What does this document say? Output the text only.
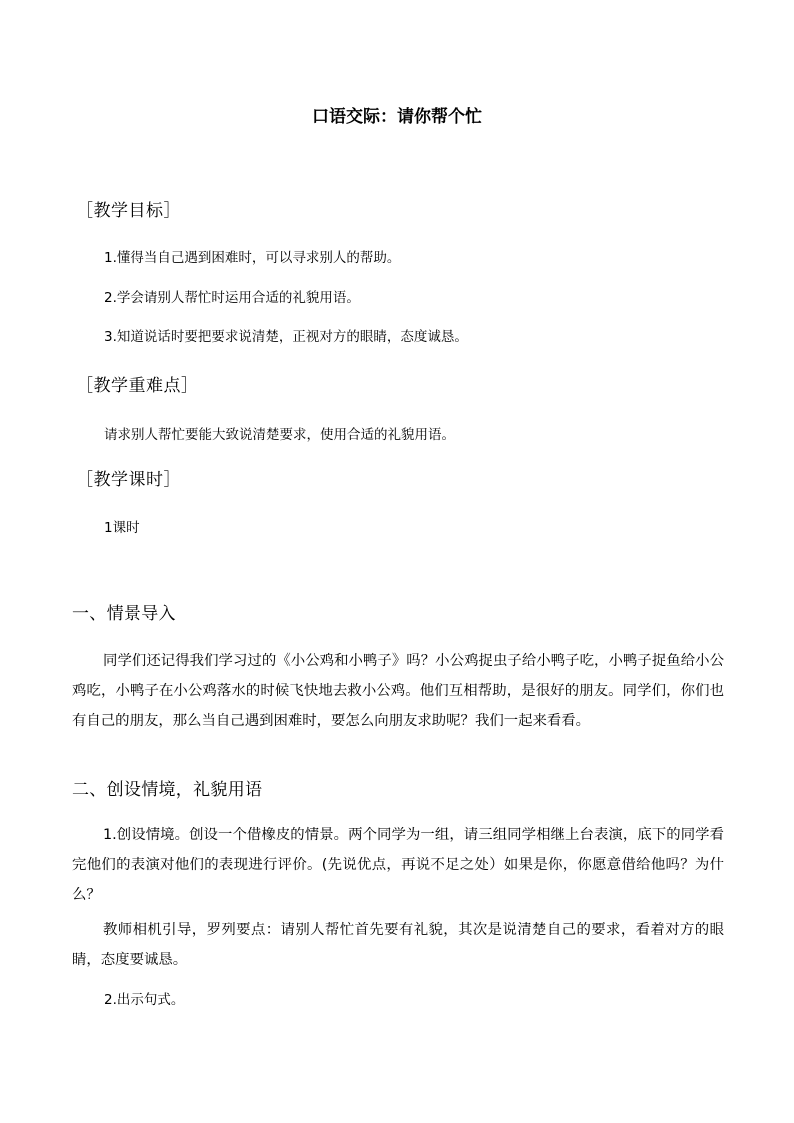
口语交际：请你帮个忙
［教学目标］
1.懂得当自己遇到困难时，可以寻求别人的帮助。
2.学会请别人帮忙时运用合适的礼貌用语。
3.知道说话时要把要求说清楚，正视对方的眼睛，态度诚恳。
［教学重难点］
请求别人帮忙要能大致说清楚要求，使用合适的礼貌用语。
［教学课时］
1课时
一、情景导入

同学们还记得我们学习过的《小公鸡和小鸭子》吗？小公鸡捉虫子给小鸭子吃，小鸭子捉鱼给小公鸡吃，小鸭子在小公鸡落水的时候飞快地去救小公鸡。他们互相帮助，是很好的朋友。同学们，你们也有自己的朋友，那么当自己遇到困难时，要怎么向朋友求助呢？我们一起来看看。

二、创设情境，礼貌用语

1.创设情境。创设一个借橡皮的情景。两个同学为一组，请三组同学相继上台表演，底下的同学看完他们的表演对他们的表现进行评价。(先说优点，再说不足之处）如果是你，你愿意借给他吗？为什么？

教师相机引导，罗列要点：请别人帮忙首先要有礼貌，其次是说清楚自己的要求，看着对方的眼睛，态度要诚恳。

2.出示句式。
